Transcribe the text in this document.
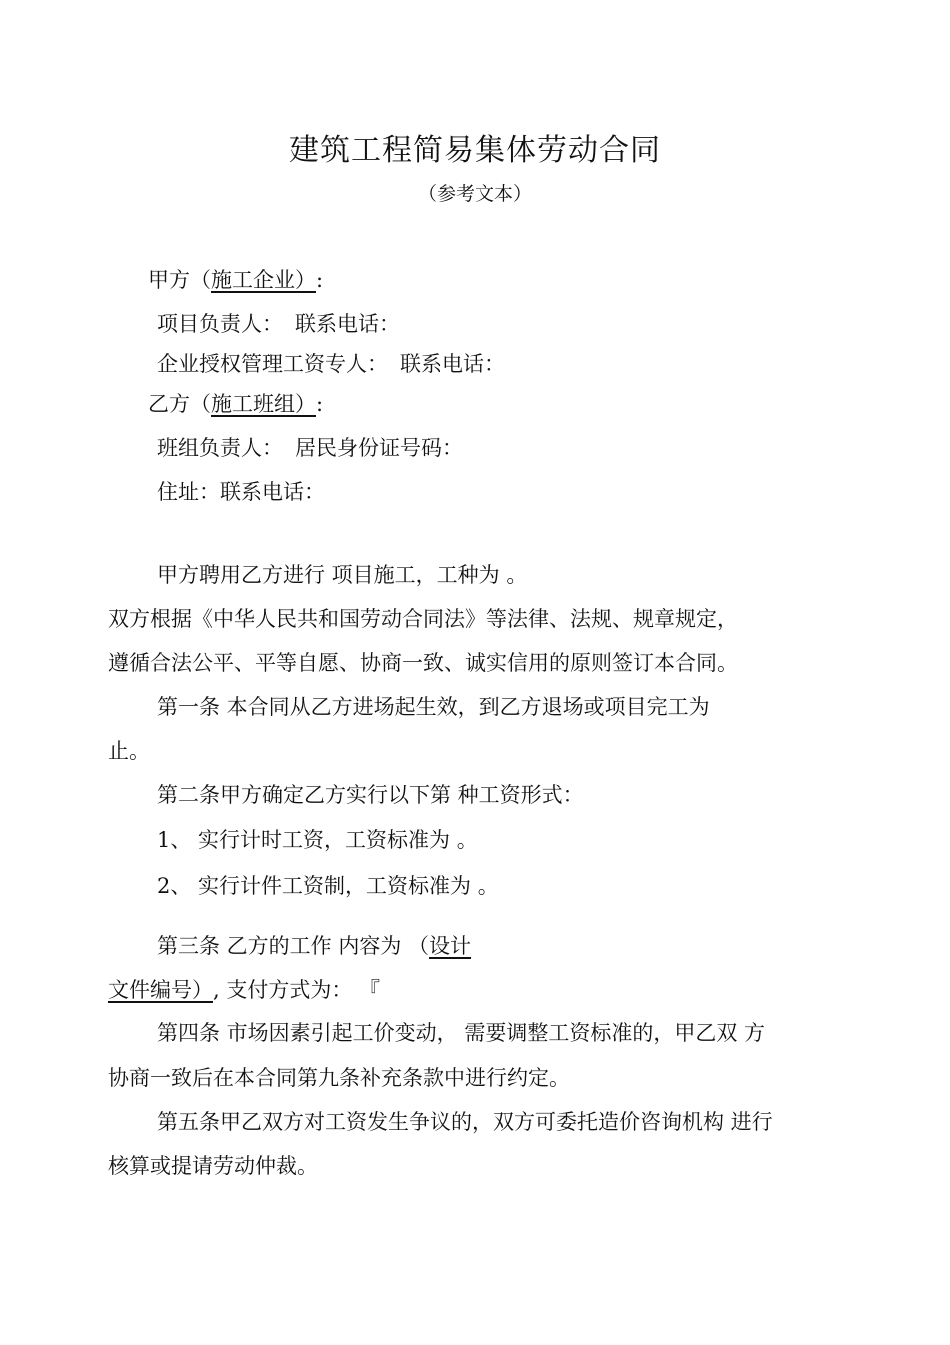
建筑工程简易集体劳动合同
（参考文本）
甲方（施工企业）:
项目负责人： 联系电话：
企业授权管理工资专人： 联系电话：
乙方（施工班组）:
班组负责人： 居民身份证号码：
住址：联系电话：
甲方聘用乙方进行 项目施工，工种为 。
双方根据《中华人民共和国劳动合同法》等法律、法规、规章规定，
遵循合法公平、平等自愿、协商一致、诚实信用的原则签订本合同。
第一条 本合同从乙方进场起生效，到乙方退场或项目完工为
止。
第二条甲方确定乙方实行以下第 种工资形式：
1、 实行计时工资，工资标准为 。
2、 实行计件工资制，工资标准为 。
第三条 乙方的工作 内容为 （设计
文件编号）, 支付方式为： 『
第四条 市场因素引起工价变动， 需要调整工资标准的，甲乙双 方
协商一致后在本合同第九条补充条款中进行约定。
第五条甲乙双方对工资发生争议的，双方可委托造价咨询机构 进行
核算或提请劳动仲裁。
